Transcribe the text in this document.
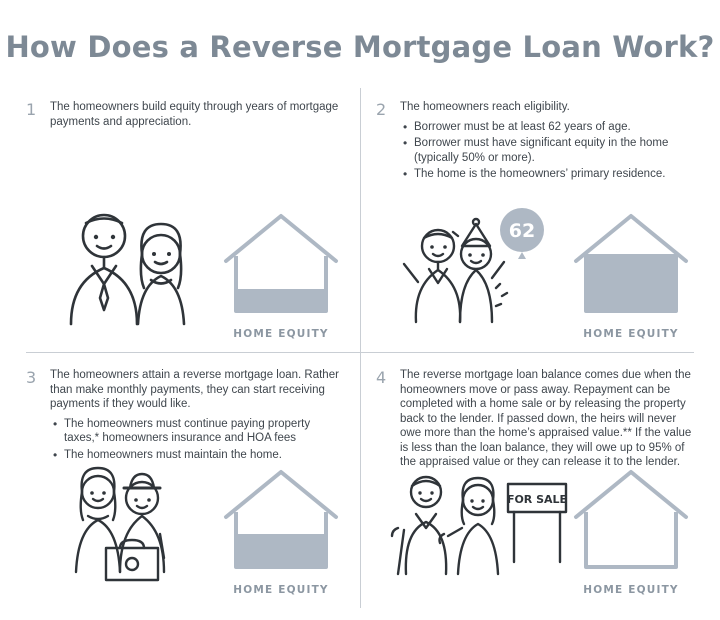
How Does a Reverse Mortgage Loan Work?
1 The homeowners build equity through years of mortgage payments and appreciation.

HOME EQUITY
2 The homeowners reach eligibility.

• Borrower must be at least 62 years of age.
• Borrower must have significant equity in the home (typically 50% or more).
• The home is the homeowners’ primary residence.
HOME EQUITY
62
3 The homeowners attain a reverse mortgage loan. Rather than make monthly payments, they can start receiving payments if they would like.

• The homeowners must continue paying property taxes,* homeowners insurance and HOA fees
• The homeowners must maintain the home.
HOME EQUITY
4 The reverse mortgage loan balance comes due when the homeowners move or pass away. Repayment can be completed with a home sale or by releasing the property back to the lender. If passed down, the heirs will never owe more than the home’s appraised value.** If the value is less than the loan balance, they will owe up to 95% of the appraised value or they can release it to the lender.

HOME EQUITY
FOR SALE
